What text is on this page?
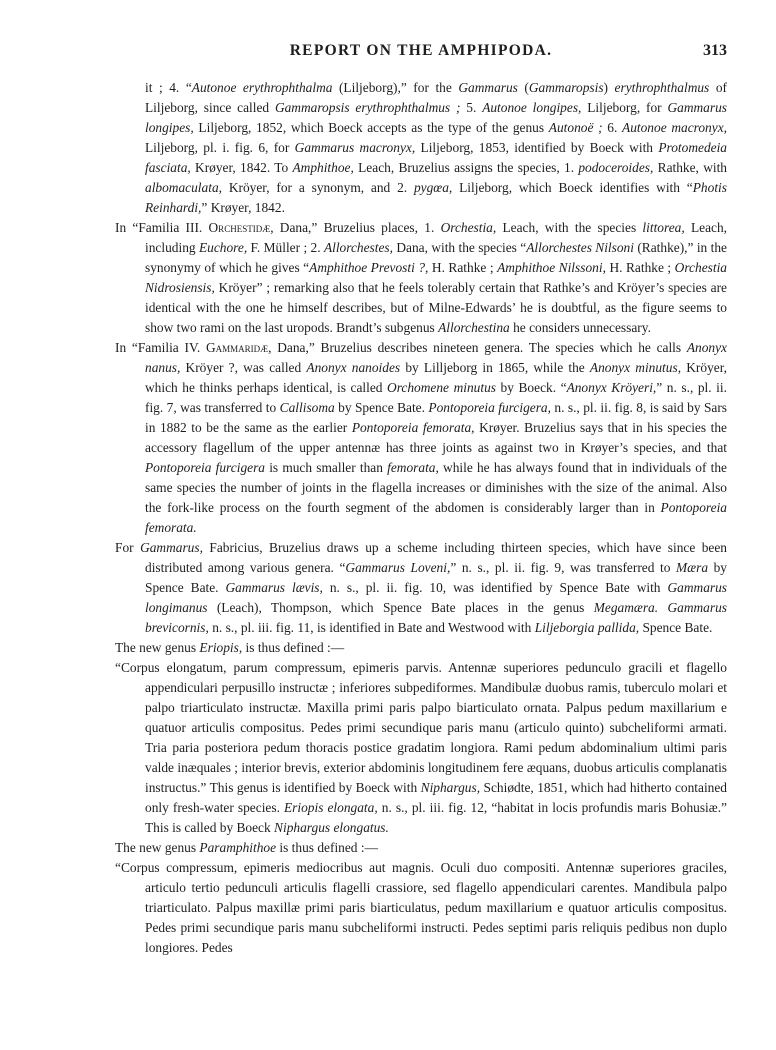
REPORT ON THE AMPHIPODA.	313

it ; 4. “Autonoe erythrophthalma (Liljeborg),” for the Gammarus (Gammaropsis) erythrophthalmus of Liljeborg, since called Gammaropsis erythrophthalmus ; 5. Autonoe longipes, Liljeborg, for Gammarus longipes, Liljeborg, 1852, which Boeck accepts as the type of the genus Autonoë ; 6. Autonoe macronyx, Liljeborg, pl. i. fig. 6, for Gammarus macronyx, Liljeborg, 1853, identified by Boeck with Protomedeia fasciata, Krøyer, 1842. To Amphithoe, Leach, Bruzelius assigns the species, 1. podoceroides, Rathke, with albomaculata, Kröyer, for a synonym, and 2. pygœa, Liljeborg, which Boeck identifies with “Photis Reinhardi,” Krøyer, 1842.

In “Familia III. Orchestidæ, Dana,” Bruzelius places, 1. Orchestia, Leach, with the species littorea, Leach, including Euchore, F. Müller ; 2. Allorchestes, Dana, with the species “Allorchestes Nilsoni (Rathke),” in the synonymy of which he gives “Amphithoe Prevosti ?, H. Rathke ; Amphithoe Nilssoni, H. Rathke ; Orchestia Nidrosiensis, Kröyer” ; remarking also that he feels tolerably certain that Rathke’s and Kröyer’s species are identical with the one he himself describes, but of Milne-Edwards’ he is doubtful, as the figure seems to show two rami on the last uropods. Brandt’s subgenus Allorchestina he considers unnecessary.

In “Familia IV. Gammaridæ, Dana,” Bruzelius describes nineteen genera. The species which he calls Anonyx nanus, Kröyer ?, was called Anonyx nanoides by Lilljeborg in 1865, while the Anonyx minutus, Kröyer, which he thinks perhaps identical, is called Orchomene minutus by Boeck. “Anonyx Kröyeri,” n. s., pl. ii. fig. 7, was transferred to Callisoma by Spence Bate. Pontoporeia furcigera, n. s., pl. ii. fig. 8, is said by Sars in 1882 to be the same as the earlier Pontoporeia femorata, Krøyer. Bruzelius says that in his species the accessory flagellum of the upper antennæ has three joints as against two in Krøyer’s species, and that Pontoporeia furcigera is much smaller than femorata, while he has always found that in individuals of the same species the number of joints in the flagella increases or diminishes with the size of the animal. Also the fork-like process on the fourth segment of the abdomen is considerably larger than in Pontoporeia femorata.

For Gammarus, Fabricius, Bruzelius draws up a scheme including thirteen species, which have since been distributed among various genera. “Gammarus Loveni,” n. s., pl. ii. fig. 9, was transferred to Mæra by Spence Bate. Gammarus lævis, n. s., pl. ii. fig. 10, was identified by Spence Bate with Gammarus longimanus (Leach), Thompson, which Spence Bate places in the genus Megamæra. Gammarus brevicornis, n. s., pl. iii. fig. 11, is identified in Bate and Westwood with Liljeborgia pallida, Spence Bate.

The new genus Eriopis, is thus defined :—

“Corpus elongatum, parum compressum, epimeris parvis. Antennæ superiores pedunculo gracili et flagello appendiculari perpusillo instructæ ; inferiores subpediformes. Mandibulæ duobus ramis, tuberculo molari et palpo triarticulato instructæ. Maxilla primi paris palpo biarticulato ornata. Palpus pedum maxillarium e quatuor articulis compositus. Pedes primi secundique paris manu (articulo quinto) subcheliformi armati. Tria paria posteriora pedum thoracis postice gradatim longiora. Rami pedum abdominalium ultimi paris valde inæquales ; interior brevis, exterior abdominis longitudinem fere æquans, duobus articulis complanatis instructus.” This genus is identified by Boeck with Niphargus, Schiødte, 1851, which had hitherto contained only fresh-water species. Eriopis elongata, n. s., pl. iii. fig. 12, “habitat in locis profundis maris Bohusiæ.” This is called by Boeck Niphargus elongatus.

The new genus Paramphithoe is thus defined :—

“Corpus compressum, epimeris mediocribus aut magnis. Oculi duo compositi. Antennæ superiores graciles, articulo tertio pedunculi articulis flagelli crassiore, sed flagello appendiculari carentes. Mandibula palpo triarticulato. Palpus maxillæ primi paris biarticulatus, pedum maxillarium e quatuor articulis compositus. Pedes primi secundique paris manu subcheliformi instructi. Pedes septimi paris reliquis pedibus non duplo longiores. Pedes
